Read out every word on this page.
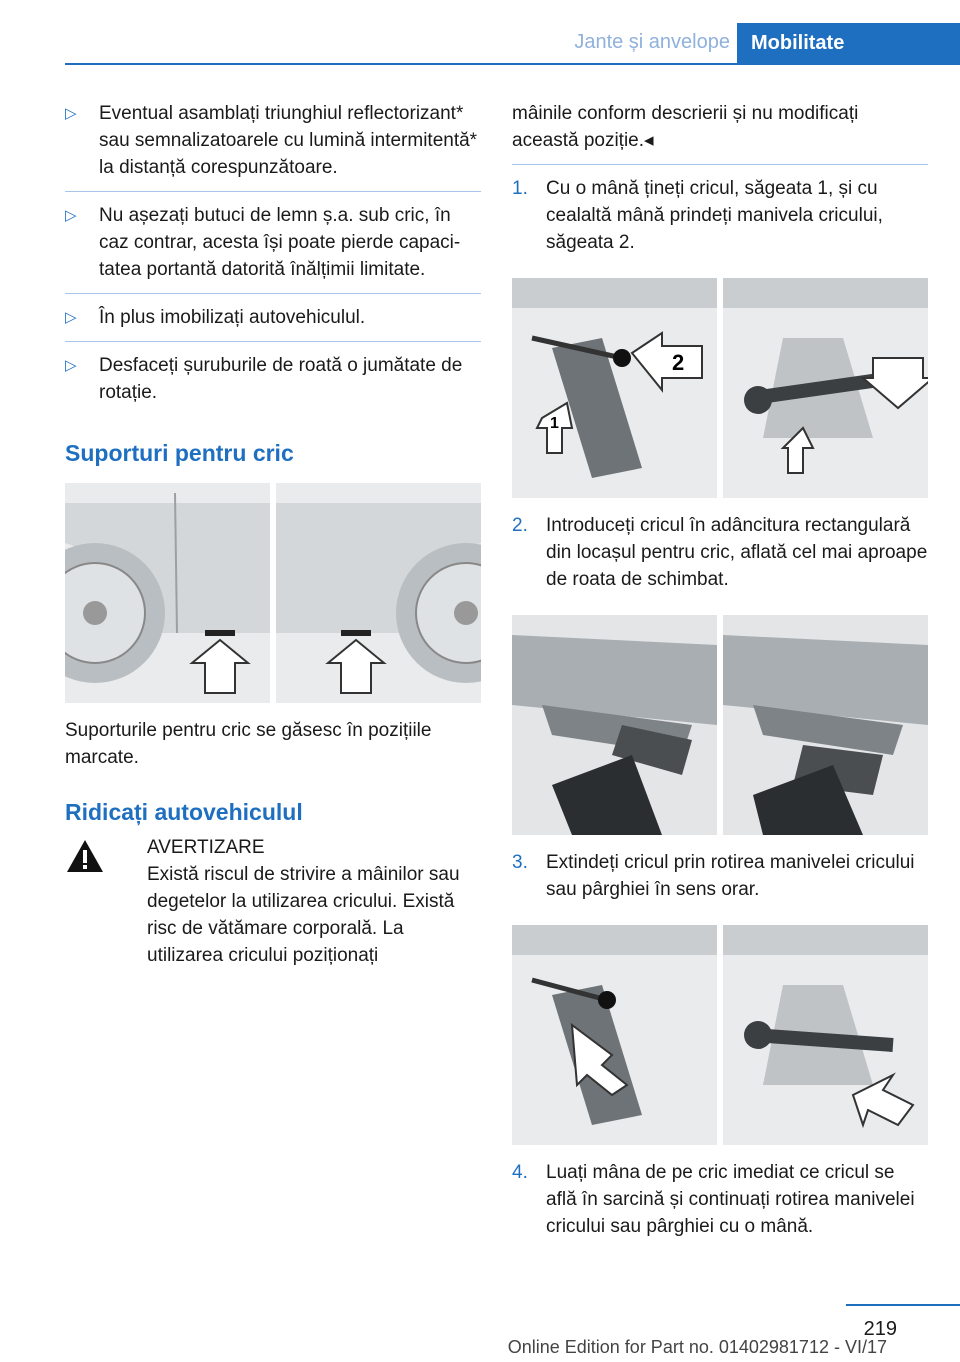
Jante și anvelope	Mobilitate
▷ Eventual asamblați triunghiul reflectorizant* sau semnalizatoarele cu lumină intermitentă* la distanță corespunzătoare.
▷ Nu așezați butuci de lemn ș.a. sub cric, în caz contrar, acesta își poate pierde capacitatea portantă datorită înălțimii limitate.
▷ În plus imobilizați autovehiculul.
▷ Desfaceți șuruburile de roată o jumătate de rotație.
Suporturi pentru cric
Suporturile pentru cric se găsesc în pozițiile marcate.
Ridicați autovehiculul
AVERTIZARE
Există riscul de strivire a mâinilor sau degetelor la utilizarea cricului. Există risc de vătămare corporală. La utilizarea cricului poziționați
mâinile conform descrierii și nu modificați această poziție.◂
1. Cu o mână țineți cricul, săgeata 1, și cu cealaltă mână prindeți manivela cricului, săgeata 2.
2
1
2. Introduceți cricul în adâncitura rectangulară din locașul pentru cric, aflată cel mai aproape de roata de schimbat.
3. Extindeți cricul prin rotirea manivelei cricului sau pârghiei în sens orar.
4. Luați mâna de pe cric imediat ce cricul se află în sarcină și continuați rotirea manivelei cricului sau pârghiei cu o mână.
219
Online Edition for Part no. 01402981712 - VI/17
